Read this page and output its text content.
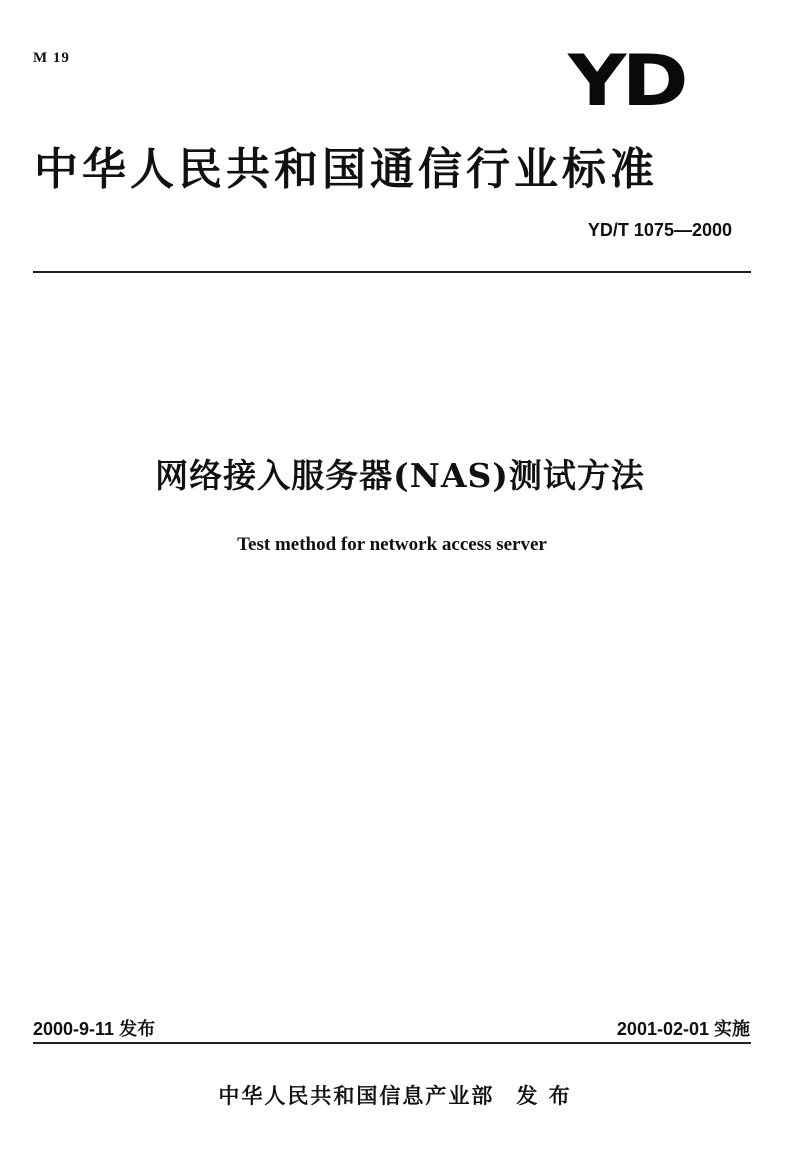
M 19	YD
中华人民共和国通信行业标准
YD/T 1075—2000
网络接入服务器(NAS)测试方法
Test method for network access server
2000-9-11 发布	2001-02-01 实施
中华人民共和国信息产业部 发 布
